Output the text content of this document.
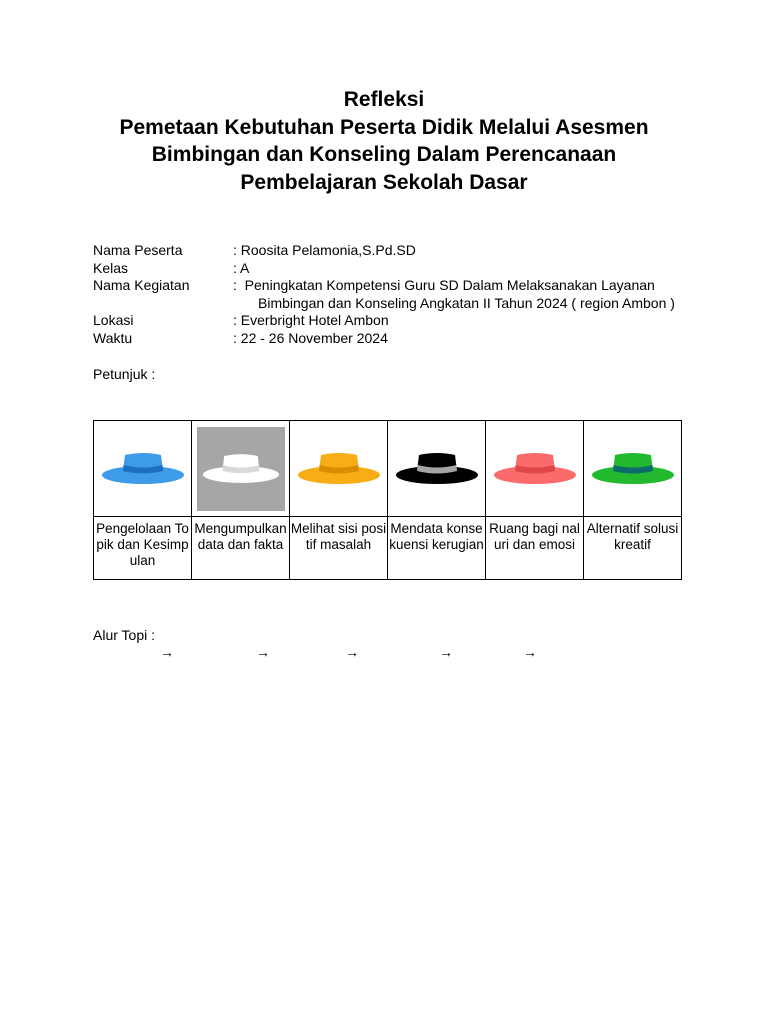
Refleksi
Pemetaan Kebutuhan Peserta Didik Melalui Asesmen
Bimbingan dan Konseling Dalam Perencanaan
Pembelajaran Sekolah Dasar
Nama Peserta	: Roosita Pelamonia,S.Pd.SD
Kelas	: A
Nama Kegiatan	:  Peningkatan Kompetensi Guru SD Dalam Melaksanakan Layanan
Bimbingan dan Konseling Angkatan II Tahun 2024 ( region Ambon )
Lokasi	: Everbright Hotel Ambon
Waktu	: 22 - 26 November 2024
Petunjuk :

Pengelolaan Topik dan Kesimpulan	Mengumpulkan data dan fakta	Melihat sisi positif masalah	Mendata konsekuensi kerugian	Ruang bagi naluri dan emosi	Alternatif solusi kreatif
Alur Topi :
→	→	→	→	→
